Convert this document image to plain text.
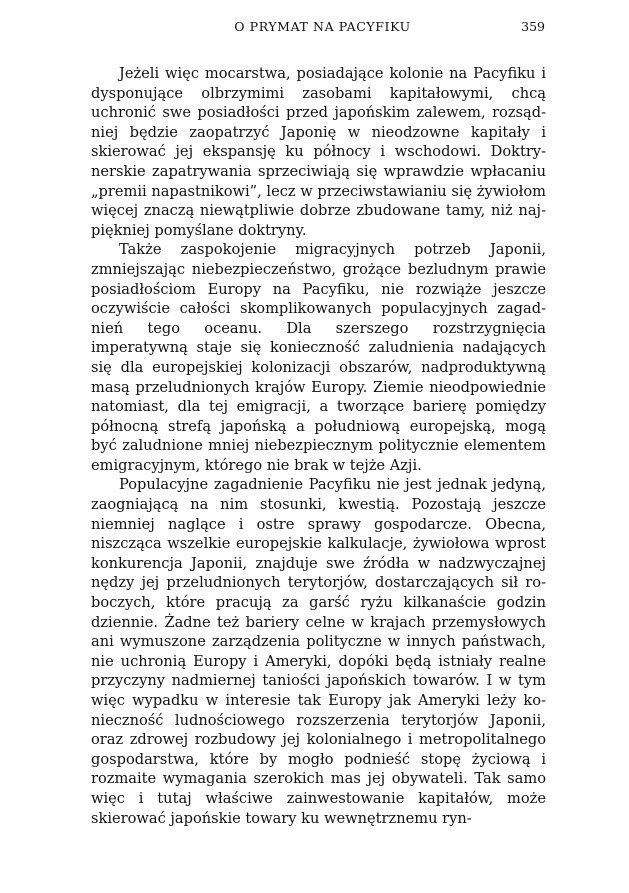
O PRYMAT NA PACYFIKU	359

Jeżeli więc mocarstwa, posiadające kolonie na Pacyfiku i dysponujące olbrzymimi zasobami kapitałowymi, chcą uchronić swe posiadłości przed japońskim zalewem, rozsądniej będzie zaopatrzyć Japonię w nieodzowne kapitały i skierować jej ekspansję ku północy i wschodowi. Doktrynerskie zapatrywania sprzeciwiają się wprawdzie wpłacaniu „premii napastnikowi”, lecz w przeciwstawianiu się żywiołom więcej znaczą niewątpliwie dobrze zbudowane tamy, niż najpiękniej pomyślane doktryny.

Także zaspokojenie migracyjnych potrzeb Japonii, zmniejszając niebezpieczeństwo, grożące bezludnym prawie posiadłościom Europy na Pacyfiku, nie rozwiąże jeszcze oczywiście całości skomplikowanych populacyjnych zagadnień tego oceanu. Dla szerszego rozstrzygnięcia imperatywną staje się konieczność zaludnienia nadających się dla europejskiej kolonizacji obszarów, nadproduktywną masą przeludnionych krajów Europy. Ziemie nieodpowiednie natomiast, dla tej emigracji, a tworzące barierę pomiędzy północną strefą japońską a południową europejską, mogą być zaludnione mniej niebezpiecznym politycznie elementem emigracyjnym, którego nie brak w tejże Azji.

Populacyjne zagadnienie Pacyfiku nie jest jednak jedyną, zaogniającą na nim stosunki, kwestią. Pozostają jeszcze niemniej naglące i ostre sprawy gospodarcze. Obecna, niszcząca wszelkie europejskie kalkulacje, żywiołowa wprost konkurencja Japonii, znajduje swe źródła w nadzwyczajnej nędzy jej przeludnionych terytorjów, dostarczających sił roboczych, które pracują za garść ryżu kilkanaście godzin dziennie. Żadne też bariery celne w krajach przemysłowych ani wymuszone zarządzenia polityczne w innych państwach, nie uchronią Europy i Ameryki, dopóki będą istniały realne przyczyny nadmiernej taniości japońskich towarów. I w tym więc wypadku w interesie tak Europy jak Ameryki leży konieczność ludnościowego rozszerzenia terytorjów Japonii, oraz zdrowej rozbudowy jej kolonialnego i metropolitalnego gospodarstwa, które by mogło podnieść stopę życiową i rozmaite wymagania szerokich mas jej obywateli. Tak samo więc i tutaj właściwe zainwestowanie kapitałów, może skierować japońskie towary ku wewnętrznemu ryn-
